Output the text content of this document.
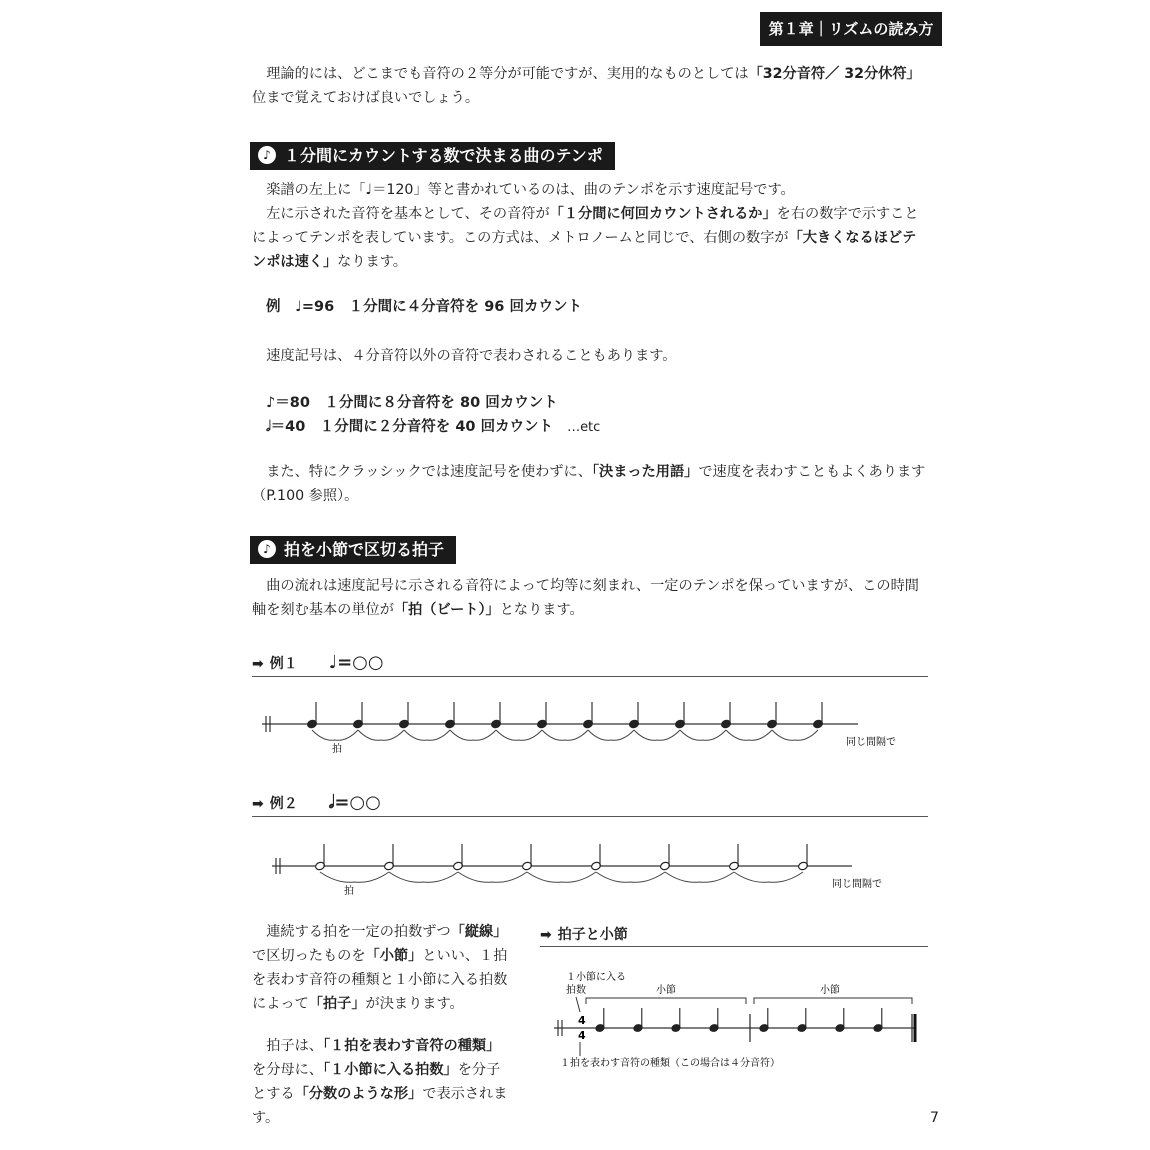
第１章｜リズムの読み方

理論的には、どこまでも音符の２等分が可能ですが、実用的なものとしては「32分音符／ 32分休符」位まで覚えておけば良いでしょう。

♪ １分間にカウントする数で決まる曲のテンポ

楽譜の左上に「♩＝120」等と書かれているのは、曲のテンポを示す速度記号です。

左に示された音符を基本として、その音符が「１分間に何回カウントされるか」を右の数字で示すことによってテンポを表しています。この方式は、メトロノームと同じで、右側の数字が「大きくなるほどテンポは速く」なります。

例　♩=96　１分間に４分音符を 96 回カウント

速度記号は、４分音符以外の音符で表わされることもあります。

♪＝80　１分間に８分音符を 80 回カウント
𝅗𝅥＝40　１分間に２分音符を 40 回カウント …etc

また、特にクラッシックでは速度記号を使わずに、「決まった用語」で速度を表わすこともよくあります（P.100 参照）。

♪ 拍を小節で区切る拍子

曲の流れは速度記号に示される音符によって均等に刻まれ、一定のテンポを保っていますが、この時間軸を刻む基本の単位が「拍（ビート）」となります。

➡ 例１ ♩=○○
拍
同じ間隔で
➡ 例２ 𝅗𝅥=○○
拍
同じ間隔で

連続する拍を一定の拍数ずつ「縦線」で区切ったものを「小節」といい、１拍を表わす音符の種類と１小節に入る拍数によって「拍子」が決まります。

拍子は、「１拍を表わす音符の種類」を分母に、「１小節に入る拍数」を分子とする「分数のような形」で表示されます。

➡ 拍子と小節
１小節に入る
拍数	小節	小節
4
4
１拍を表わす音符の種類（この場合は４分音符）
7
